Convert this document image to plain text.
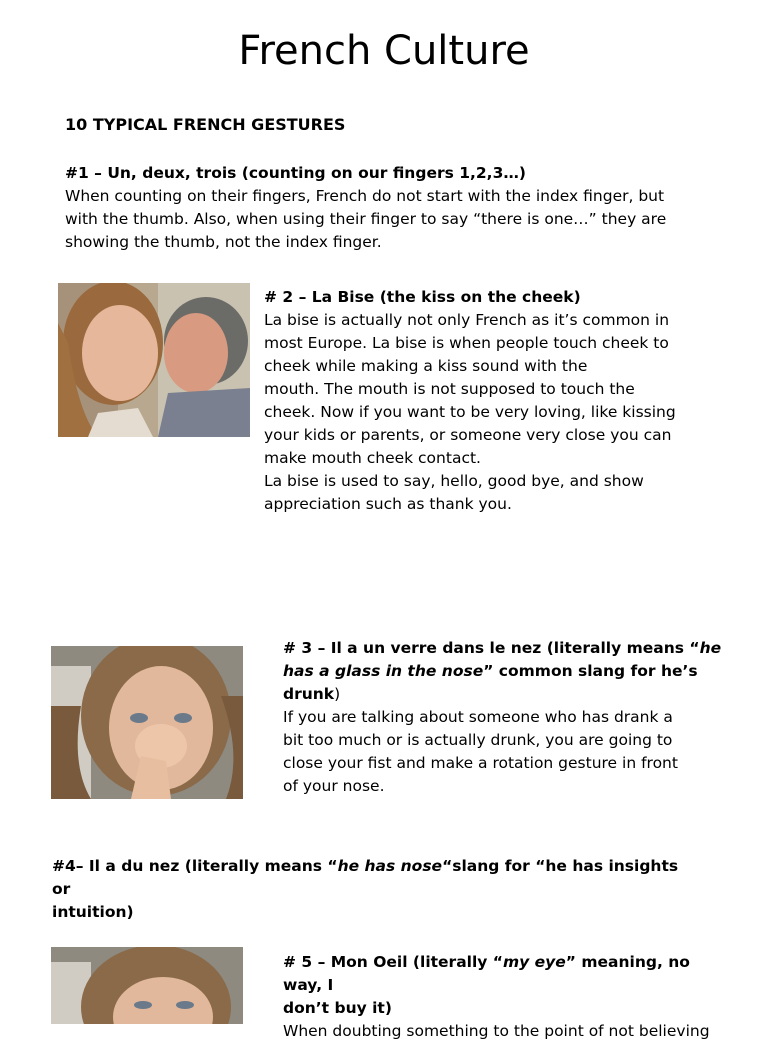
French Culture
10 TYPICAL FRENCH GESTURES
#1 – Un, deux, trois (counting on our fingers 1,2,3…)
When counting on their fingers, French do not start with the index finger, but
with the thumb. Also, when using their finger to say “there is one…” they are
showing the thumb, not the index finger.
# 2 – La Bise (the kiss on the cheek)
La bise is actually not only French as it’s common in
most Europe. La bise is when people touch cheek to
cheek while making a kiss sound with the
mouth. The mouth is not supposed to touch the
cheek. Now if you want to be very loving, like kissing
your kids or parents, or someone very close you can
make mouth cheek contact.
La bise is used to say, hello, good bye, and show
appreciation such as thank you.
# 3 – Il a un verre dans le nez (literally means “he has a glass in the nose” common slang for he’s drunk)
If you are talking about someone who has drank a
bit too much or is actually drunk, you are going to
close your fist and make a rotation gesture in front
of your nose.
#4– Il a du nez (literally means “he has nose“slang for “he has insights or
intuition)
# 5 – Mon Oeil (literally “my eye” meaning, no way, I
don’t buy it)
When doubting something to the point of not believing
